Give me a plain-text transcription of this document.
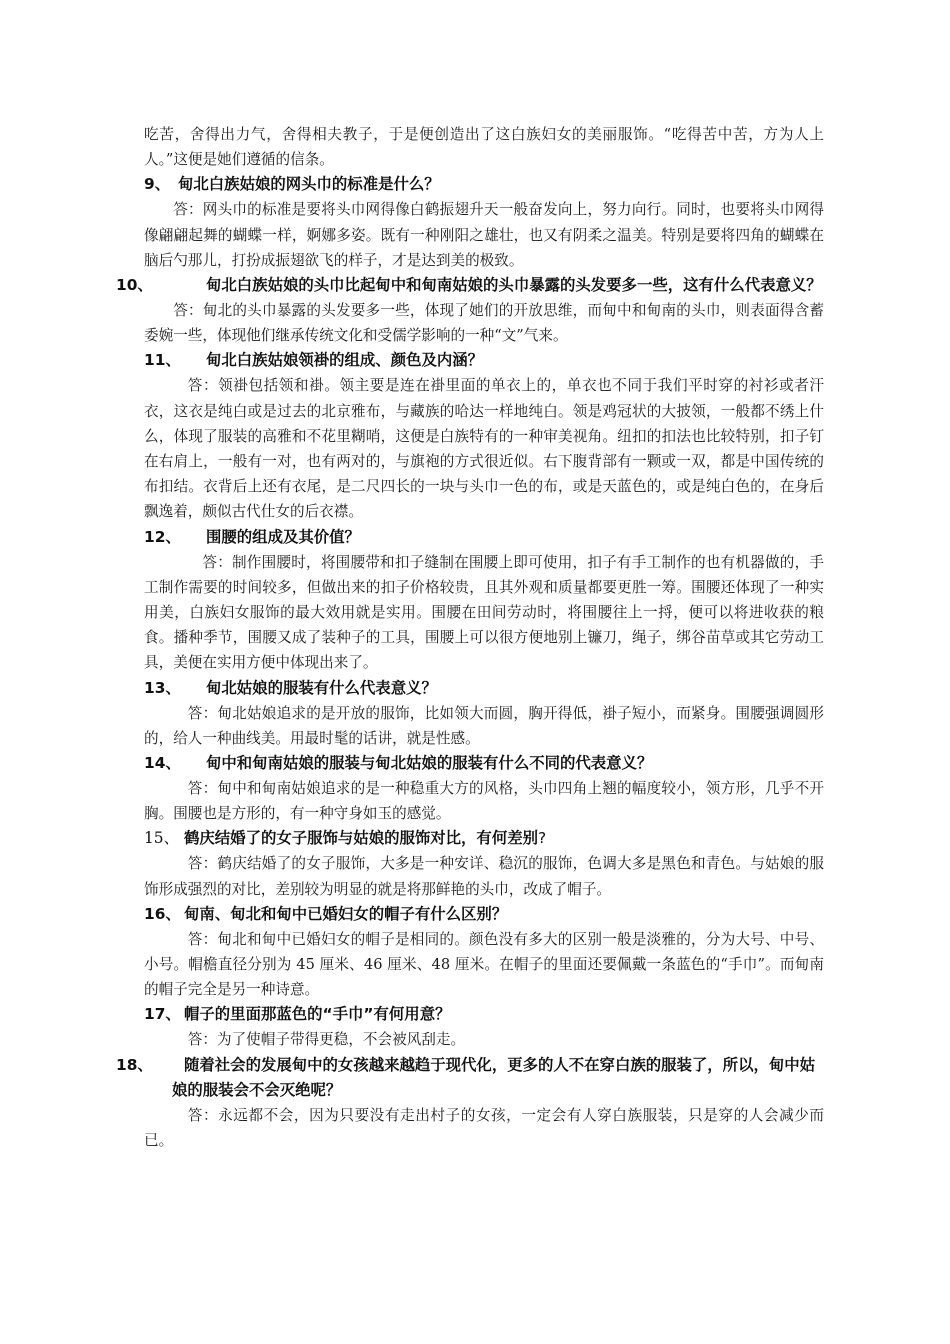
吃苦，舍得出力气，舍得相夫教子，于是便创造出了这白族妇女的美丽服饰。“吃得苦中苦，方为人上人。”这便是她们遵循的信条。

9、 甸北白族姑娘的网头巾的标准是什么？

答：网头巾的标准是要将头巾网得像白鹤振翅升天一般奋发向上，努力向行。同时，也要将头巾网得像翩翩起舞的蝴蝶一样，婀娜多姿。既有一种刚阳之雄壮，也又有阴柔之温美。特别是要将四角的蝴蝶在脑后勺那儿，打扮成振翅欲飞的样子，才是达到美的极致。

10、	甸北白族姑娘的头巾比起甸中和甸南姑娘的头巾暴露的头发要多一些，这有什么代表意义？

答：甸北的头巾暴露的头发要多一些，体现了她们的开放思维，而甸中和甸南的头巾，则表面得含蓄委婉一些，体现他们继承传统文化和受儒学影响的一种“文”气来。

11、 甸北白族姑娘领褂的组成、颜色及内涵？

答：领褂包括领和褂。领主要是连在褂里面的单衣上的，单衣也不同于我们平时穿的衬衫或者汗衣，这衣是纯白或是过去的北京雅布，与藏族的哈达一样地纯白。领是鸡冠状的大披领，一般都不绣上什么，体现了服装的高雅和不花里糊哨，这便是白族特有的一种审美视角。纽扣的扣法也比较特别，扣子钉在右肩上，一般有一对，也有两对的，与旗袍的方式很近似。右下腹背部有一颗或一双，都是中国传统的布扣结。衣背后上还有衣尾，是二尺四长的一块与头巾一色的布，或是天蓝色的，或是纯白色的，在身后飘逸着，颇似古代仕女的后衣襟。

12、 围腰的组成及其价值？

答：制作围腰时，将围腰带和扣子缝制在围腰上即可使用，扣子有手工制作的也有机器做的，手工制作需要的时间较多，但做出来的扣子价格较贵，且其外观和质量都要更胜一筹。围腰还体现了一种实用美，白族妇女服饰的最大效用就是实用。围腰在田间劳动时，将围腰往上一捋，便可以将进收获的粮食。播种季节，围腰又成了装种子的工具，围腰上可以很方便地别上镰刀，绳子，绑谷苗草或其它劳动工具，美便在实用方便中体现出来了。

13、 甸北姑娘的服装有什么代表意义？

答：甸北姑娘追求的是开放的服饰，比如领大而圆，胸开得低，褂子短小，而紧身。围腰强调圆形的，给人一种曲线美。用最时髦的话讲，就是性感。

14、 甸中和甸南姑娘的服装与甸北姑娘的服装有什么不同的代表意义？

答：甸中和甸南姑娘追求的是一种稳重大方的风格，头巾四角上翘的幅度较小，领方形，几乎不开胸。围腰也是方形的，有一种守身如玉的感觉。

15、 鹤庆结婚了的女子服饰与姑娘的服饰对比，有何差别?

答：鹤庆结婚了的女子服饰，大多是一种安详、稳沉的服饰，色调大多是黑色和青色。与姑娘的服饰形成强烈的对比，差别较为明显的就是将那鲜艳的头巾，改成了帽子。

16、 甸南、甸北和甸中已婚妇女的帽子有什么区别？

答：甸北和甸中已婚妇女的帽子是相同的。颜色没有多大的区别一般是淡雅的，分为大号、中号、小号。帽檐直径分别为 45 厘米、46 厘米、48 厘米。在帽子的里面还要佩戴一条蓝色的“手巾”。而甸南的帽子完全是另一种诗意。

17、 帽子的里面那蓝色的“手巾”有何用意？

答：为了使帽子带得更稳，不会被风刮走。

18、 随着社会的发展甸中的女孩越来越趋于现代化，更多的人不在穿白族的服装了，所以，甸中姑娘的服装会不会灭绝呢？

答：永远都不会，因为只要没有走出村子的女孩，一定会有人穿白族服装，只是穿的人会减少而已。
